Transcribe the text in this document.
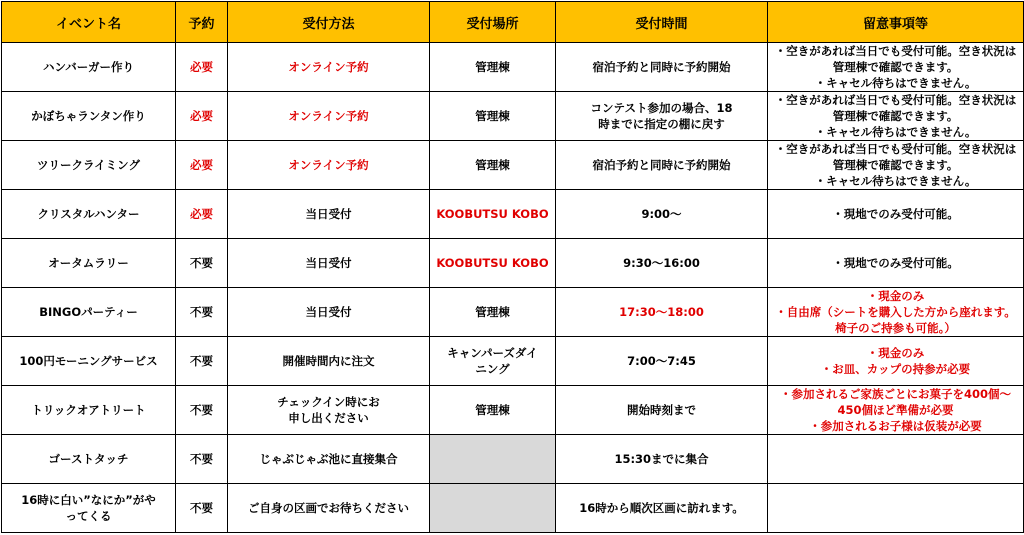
イベント名	予約	受付方法	受付場所	受付時間	留意事項等
ハンバーガー作り	必要	オンライン予約	管理棟	宿泊予約と同時に予約開始	・空きがあれば当日でも受付可能。空き状況は管理棟で確認できます。
・キャセル待ちはできません。

かぼちゃランタン作り	必要	オンライン予約	管理棟	コンテスト参加の場合、18時までに指定の棚に戻す	・空きがあれば当日でも受付可能。空き状況は管理棟で確認できます。
・キャセル待ちはできません。

ツリークライミング	必要	オンライン予約	管理棟	宿泊予約と同時に予約開始	・空きがあれば当日でも受付可能。空き状況は管理棟で確認できます。
・キャセル待ちはできません。

クリスタルハンター	必要	当日受付	KOOBUTSU KOBO	9:00～	・現地でのみ受付可能。

オータムラリー	不要	当日受付	KOOBUTSU KOBO	9:30～16:00	・現地でのみ受付可能。

BINGOパーティー	不要	当日受付	管理棟	17:30～18:00	・現金のみ
・自由席（シートを購入した方から座れます。椅子のご持参も可能。）

100円モーニングサービス	不要	開催時間内に注文	キャンパーズダイニング	7:00～7:45	・現金のみ
・お皿、カップの持参が必要

トリックオアトリート	不要	チェックイン時にお申し出ください	管理棟	開始時刻まで	・参加されるご家族ごとにお菓子を400個～450個ほど準備が必要
・参加されるお子様は仮装が必要

ゴーストタッチ	不要	じゃぶじゃぶ池に直接集合		15:30までに集合	
16時に白い”なにか”がやってくる	不要	ご自身の区画でお待ちください		16時から順次区画に訪れます。	
